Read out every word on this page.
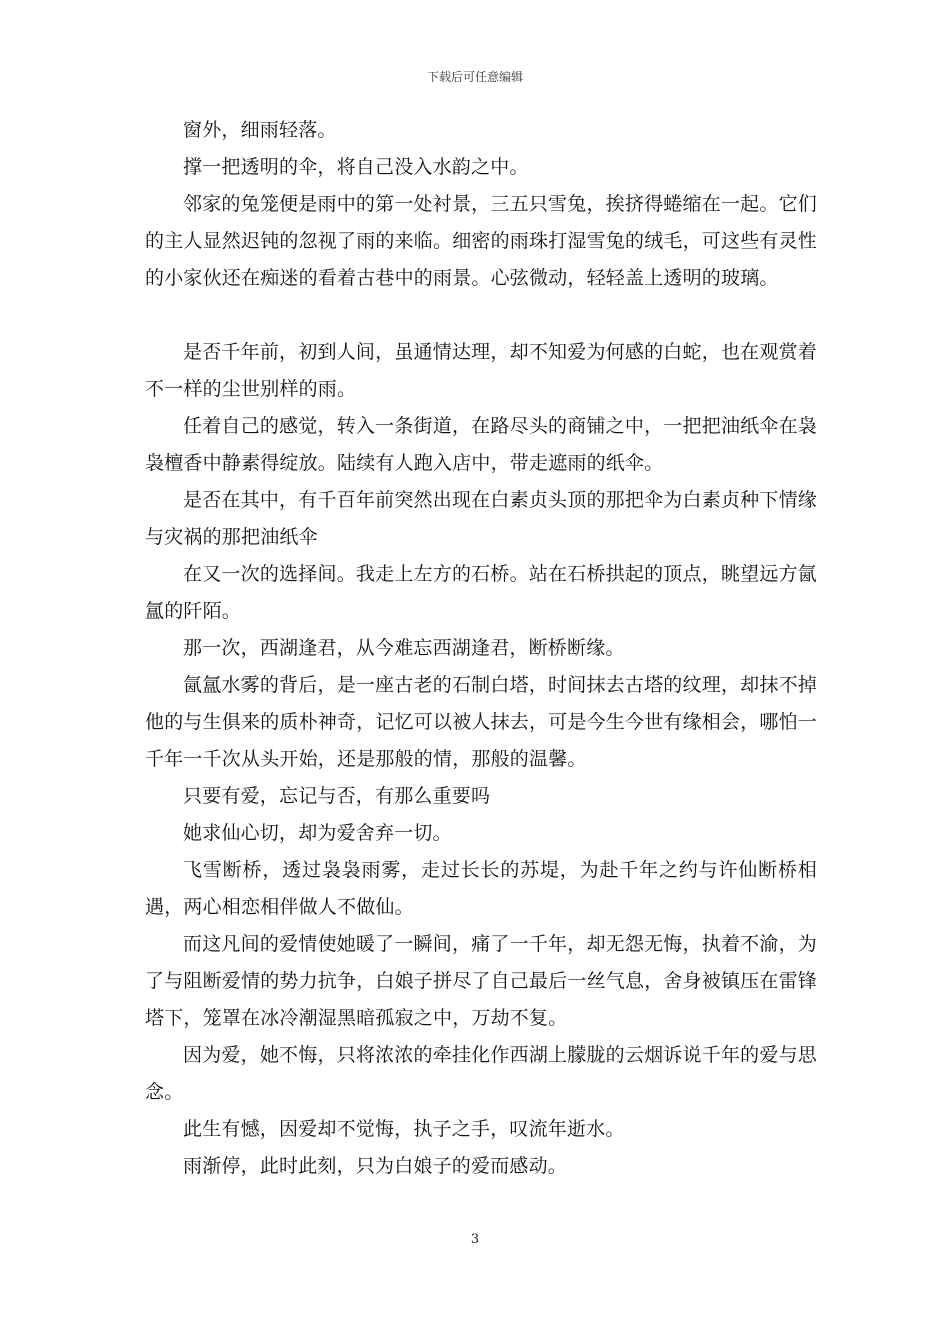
下载后可任意编辑

窗外，细雨轻落。

撑一把透明的伞，将自己没入水韵之中。

邻家的兔笼便是雨中的第一处衬景，三五只雪兔，挨挤得蜷缩在一起。它们的主人显然迟钝的忽视了雨的来临。细密的雨珠打湿雪兔的绒毛，可这些有灵性的小家伙还在痴迷的看着古巷中的雨景。心弦微动，轻轻盖上透明的玻璃。

是否千年前，初到人间，虽通情达理，却不知爱为何感的白蛇，也在观赏着不一样的尘世别样的雨。

任着自己的感觉，转入一条街道，在路尽头的商铺之中，一把把油纸伞在袅袅檀香中静素得绽放。陆续有人跑入店中，带走遮雨的纸伞。

是否在其中，有千百年前突然出现在白素贞头顶的那把伞为白素贞种下情缘与灾祸的那把油纸伞

在又一次的选择间。我走上左方的石桥。站在石桥拱起的顶点，眺望远方氤氲的阡陌。

那一次，西湖逢君，从今难忘西湖逢君，断桥断缘。

氤氲水雾的背后，是一座古老的石制白塔，时间抹去古塔的纹理，却抹不掉他的与生俱来的质朴神奇，记忆可以被人抹去，可是今生今世有缘相会，哪怕一千年一千次从头开始，还是那般的情，那般的温馨。

只要有爱，忘记与否，有那么重要吗

她求仙心切，却为爱舍弃一切。

飞雪断桥，透过袅袅雨雾，走过长长的苏堤，为赴千年之约与许仙断桥相遇，两心相恋相伴做人不做仙。

而这凡间的爱情使她暖了一瞬间，痛了一千年，却无怨无悔，执着不渝，为了与阻断爱情的势力抗争，白娘子拼尽了自己最后一丝气息，舍身被镇压在雷锋塔下，笼罩在冰冷潮湿黑暗孤寂之中，万劫不复。

因为爱，她不悔，只将浓浓的牵挂化作西湖上朦胧的云烟诉说千年的爱与思念。

此生有憾，因爱却不觉悔，执子之手，叹流年逝水。

雨渐停，此时此刻，只为白娘子的爱而感动。

3
